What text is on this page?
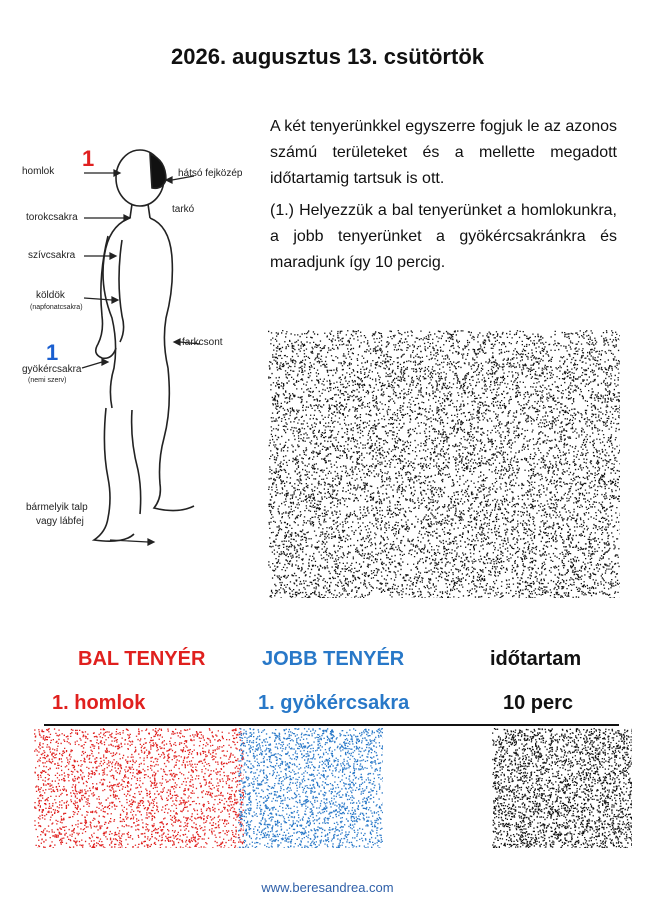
2026. augusztus 13. csütörtök
1
1
homlok	hátsó fejközép
tarkó
torokcsakra
szívcsakra
köldök
(napfonatcsakra)
farkcsont
gyökércsakra
(nemi szerv)
bármelyik talp
vagy lábfej

A két tenyerünkkel egyszerre fogjuk le az azonos számú területeket és a mellette megadott időtartamig tartsuk is ott.

(1.) Helyezzük a bal tenyerünket a homlokunkra, a jobb tenyerünket a gyökércsakránkra és maradjunk így 10 percig.

BAL TENYÉR	JOBB TENYÉR	időtartam
1. homlok	1. gyökércsakra	10 perc
www.beresandrea.com
